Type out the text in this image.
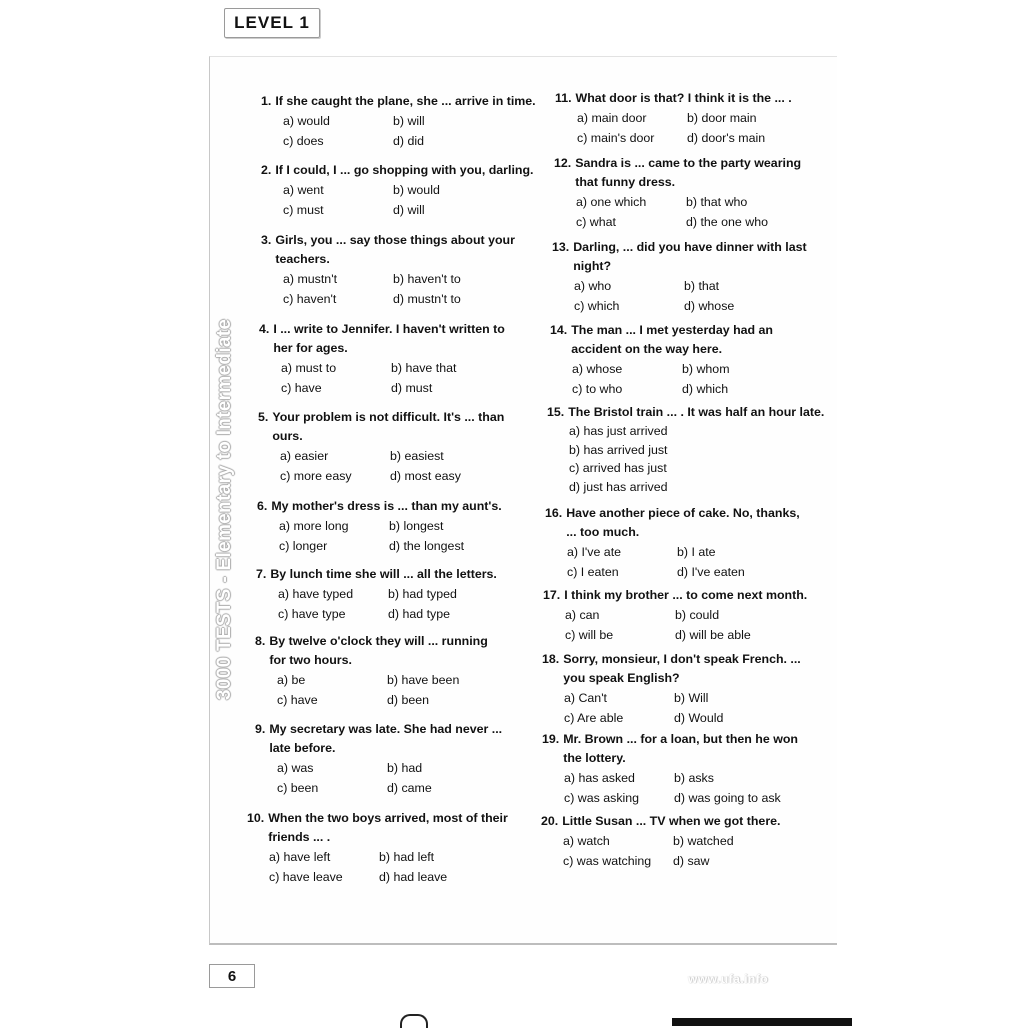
LEVEL 1
3000 TESTS - Elementary to Intermediate
1. If she caught the plane, she ... arrive in time.
a) would	b) will
c) does	d) did
2. If I could, I ... go shopping with you, darling.
a) went	b) would
c) must	d) will
3. Girls, you ... say those things about your teachers.
a) mustn't	b) haven't to
c) haven't	d) mustn't to
4. I ... write to Jennifer. I haven't written to her for ages.
a) must to	b) have that
c) have	d) must
5. Your problem is not difficult. It's ... than ours.
a) easier	b) easiest
c) more easy	d) most easy
6. My mother's dress is ... than my aunt's.
a) more long	b) longest
c) longer	d) the longest
7. By lunch time she will ... all the letters.
a) have typed	b) had typed
c) have type	d) had type
8. By twelve o'clock they will ... running for two hours.
a) be	b) have been
c) have	d) been
9. My secretary was late. She had never ... late before.
a) was	b) had
c) been	d) came
10. When the two boys arrived, most of their friends ... .
a) have left	b) had left
c) have leave	d) had leave
11. What door is that? I think it is the ... .
a) main door	b) door main
c) main's door	d) door's main
12. Sandra is ... came to the party wearing that funny dress.
a) one which	b) that who
c) what	d) the one who
13. Darling, ... did you have dinner with last night?
a) who	b) that
c) which	d) whose
14. The man ... I met yesterday had an accident on the way here.
a) whose	b) whom
c) to who	d) which
15. The Bristol train ... . It was half an hour late.
a) has just arrived
b) has arrived just
c) arrived has just
d) just has arrived
16. Have another piece of cake. No, thanks, ... too much.
a) I've ate	b) I ate
c) I eaten	d) I've eaten
17. I think my brother ... to come next month.
a) can	b) could
c) will be	d) will be able
18. Sorry, monsieur, I don't speak French. ... you speak English?
a) Can't	b) Will
c) Are able	d) Would
19. Mr. Brown ... for a loan, but then he won the lottery.
a) has asked	b) asks
c) was asking	d) was going to ask
20. Little Susan ... TV when we got there.
a) watch	b) watched
c) was watching	d) saw
6	www.ufa.info
